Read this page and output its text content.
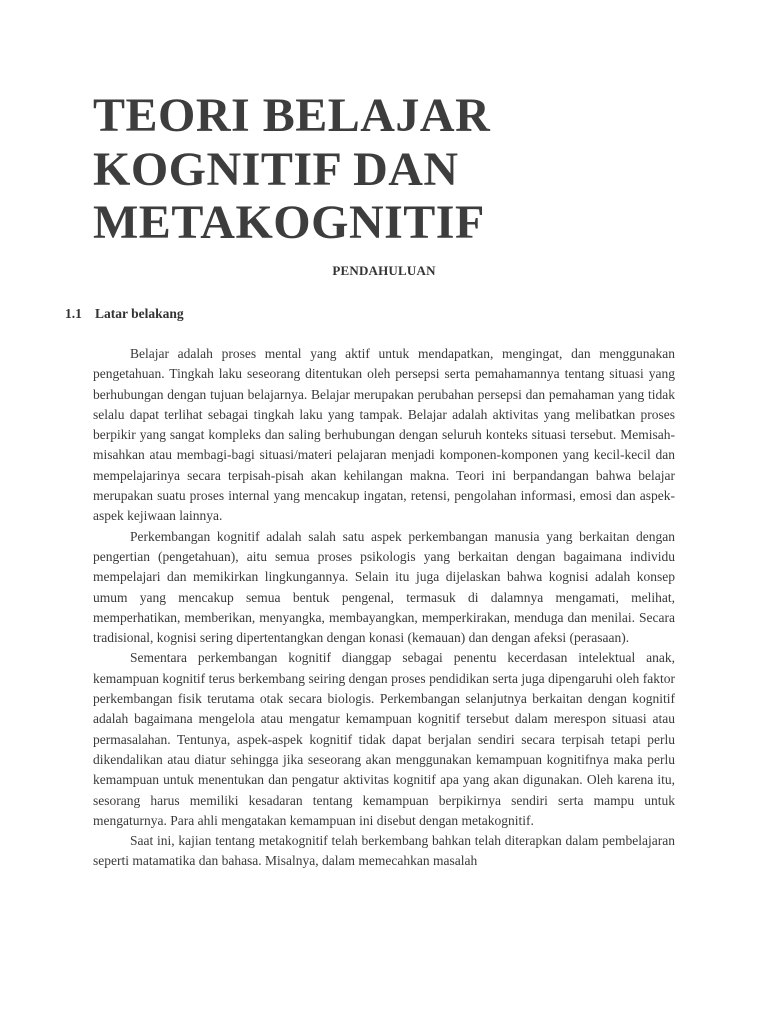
TEORI BELAJAR
KOGNITIF DAN
METAKOGNITIF
PENDAHULUAN
1.1 Latar belakang

Belajar adalah proses mental yang aktif untuk mendapatkan, mengingat, dan menggunakan pengetahuan. Tingkah laku seseorang ditentukan oleh persepsi serta pemahamannya tentang situasi yang berhubungan dengan tujuan belajarnya. Belajar merupakan perubahan persepsi dan pemahaman yang tidak selalu dapat terlihat sebagai tingkah laku yang tampak. Belajar adalah aktivitas yang melibatkan proses berpikir yang sangat kompleks dan saling berhubungan dengan seluruh konteks situasi tersebut. Memisah-misahkan atau membagi-bagi situasi/materi pelajaran menjadi komponen-komponen yang kecil-kecil dan mempelajarinya secara terpisah-pisah akan kehilangan makna. Teori ini berpandangan bahwa belajar merupakan suatu proses internal yang mencakup ingatan, retensi, pengolahan informasi, emosi dan aspek-aspek kejiwaan lainnya.

Perkembangan kognitif adalah salah satu aspek perkembangan manusia yang berkaitan dengan pengertian (pengetahuan), aitu semua proses psikologis yang berkaitan dengan bagaimana individu mempelajari dan memikirkan lingkungannya. Selain itu juga dijelaskan bahwa kognisi adalah konsep umum yang mencakup semua bentuk pengenal, termasuk di dalamnya mengamati, melihat, memperhatikan, memberikan, menyangka, membayangkan, memperkirakan, menduga dan menilai. Secara tradisional, kognisi sering dipertentangkan dengan konasi (kemauan) dan dengan afeksi (perasaan).

Sementara perkembangan kognitif dianggap sebagai penentu kecerdasan intelektual anak, kemampuan kognitif terus berkembang seiring dengan proses pendidikan serta juga dipengaruhi oleh faktor perkembangan fisik terutama otak secara biologis. Perkembangan selanjutnya berkaitan dengan kognitif adalah bagaimana mengelola atau mengatur kemampuan kognitif tersebut dalam merespon situasi atau permasalahan. Tentunya, aspek-aspek kognitif tidak dapat berjalan sendiri secara terpisah tetapi perlu dikendalikan atau diatur sehingga jika seseorang akan menggunakan kemampuan kognitifnya maka perlu kemampuan untuk menentukan dan pengatur aktivitas kognitif apa yang akan digunakan. Oleh karena itu, sesorang harus memiliki kesadaran tentang kemampuan berpikirnya sendiri serta mampu untuk mengaturnya. Para ahli mengatakan kemampuan ini disebut dengan metakognitif.

Saat ini, kajian tentang metakognitif telah berkembang bahkan telah diterapkan dalam pembelajaran seperti matamatika dan bahasa. Misalnya, dalam memecahkan masalah
